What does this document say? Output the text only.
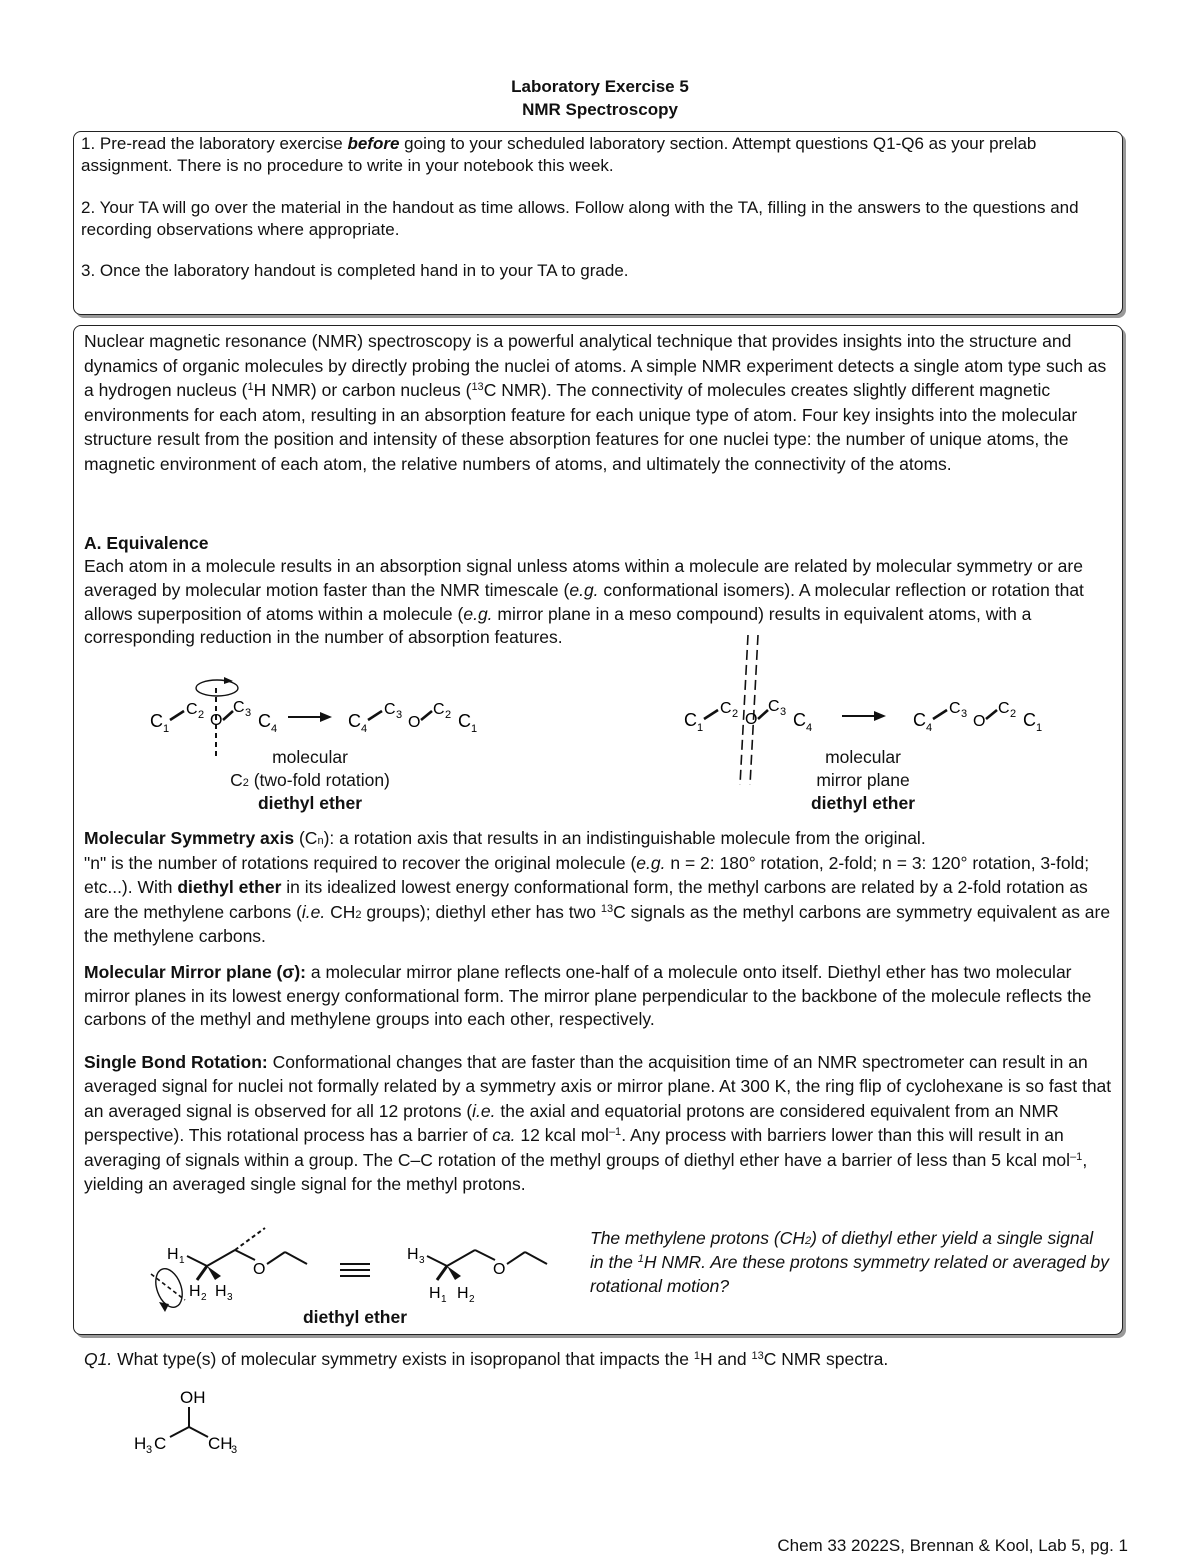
Laboratory Exercise 5
NMR Spectroscopy
1. Pre-read the laboratory exercise before going to your scheduled laboratory section. Attempt questions Q1-Q6 as your prelab assignment. There is no procedure to write in your notebook this week.
2. Your TA will go over the material in the handout as time allows. Follow along with the TA, filling in the answers to the questions and recording observations where appropriate.
3. Once the laboratory handout is completed hand in to your TA to grade.
Nuclear magnetic resonance (NMR) spectroscopy is a powerful analytical technique that provides insights into the structure and dynamics of organic molecules by directly probing the nuclei of atoms. A simple NMR experiment detects a single atom type such as a hydrogen nucleus ($^1$H NMR) or carbon nucleus ($^{13}$C NMR). The connectivity of molecules creates slightly different magnetic environments for each atom, resulting in an absorption feature for each unique type of atom. Four key insights into the molecular structure result from the position and intensity of these absorption features for one nuclei type: the number of unique atoms, the magnetic environment of each atom, the relative numbers of atoms, and ultimately the connectivity of the atoms.
A. Equivalence
Each atom in a molecule results in an absorption signal unless atoms within a molecule are related by molecular symmetry or are averaged by molecular motion faster than the NMR timescale (e.g. conformational isomers). A molecular reflection or rotation that allows superposition of atoms within a molecule (e.g. mirror plane in a meso compound) results in equivalent atoms, with a corresponding reduction in the number of absorption features.
C 1
C 2 O
C 3 C 4	C 4
C 3 O
C 2 C 1
molecular
$C_2$ (two-fold rotation)
diethyl ether
C 1
C 2 O
C 3 C 4	C 4
C 3 O
C 2 C 1
molecular
mirror plane
diethyl ether
Molecular Symmetry axis $(C_n)$: a rotation axis that results in an indistinguishable molecule from the original.
"n" is the number of rotations required to recover the original molecule (e.g. n = 2: 180° rotation, 2-fold; n = 3: 120° rotation, 3-fold; etc...). With diethyl ether in its idealized lowest energy conformational form, the methyl carbons are related by a 2-fold rotation as are the methylene carbons (i.e. $CH_2$ groups); diethyl ether has two $^{13}$C signals as the methyl carbons are symmetry equivalent as are the methylene carbons.
Molecular Mirror plane (σ): a molecular mirror plane reflects one-half of a molecule onto itself. Diethyl ether has two molecular mirror planes in its lowest energy conformational form. The mirror plane perpendicular to the backbone of the molecule reflects the carbons of the methyl and methylene groups into each other, respectively.
Single Bond Rotation: Conformational changes that are faster than the acquisition time of an NMR spectrometer can result in an averaged signal for nuclei not formally related by a symmetry axis or mirror plane. At 300 K, the ring flip of cyclohexane is so fast that an averaged signal is observed for all 12 protons (i.e. the axial and equatorial protons are considered equivalent from an NMR perspective). This rotational process has a barrier of ca. 12 kcal mol$^{-1}$. Any process with barriers lower than this will result in an averaging of signals within a group. The C–C rotation of the methyl groups of diethyl ether have a barrier of less than 5 kcal mol$^{-1}$, yielding an averaged single signal for the methyl protons.
H 1
O
H 2 H 3
H 3
O
H 1 H 2
diethyl ether
The methylene protons $(CH_2)$ of diethyl ether yield a single signal in the $^1$H NMR. Are these protons symmetry related or averaged by rotational motion?
Q1. What type(s) of molecular symmetry exists in isopropanol that impacts the $^1$H and $^{13}$C NMR spectra.
OH
H 3 C CH
3
Chem 33 2022S, Brennan & Kool, Lab 5, pg. 1
